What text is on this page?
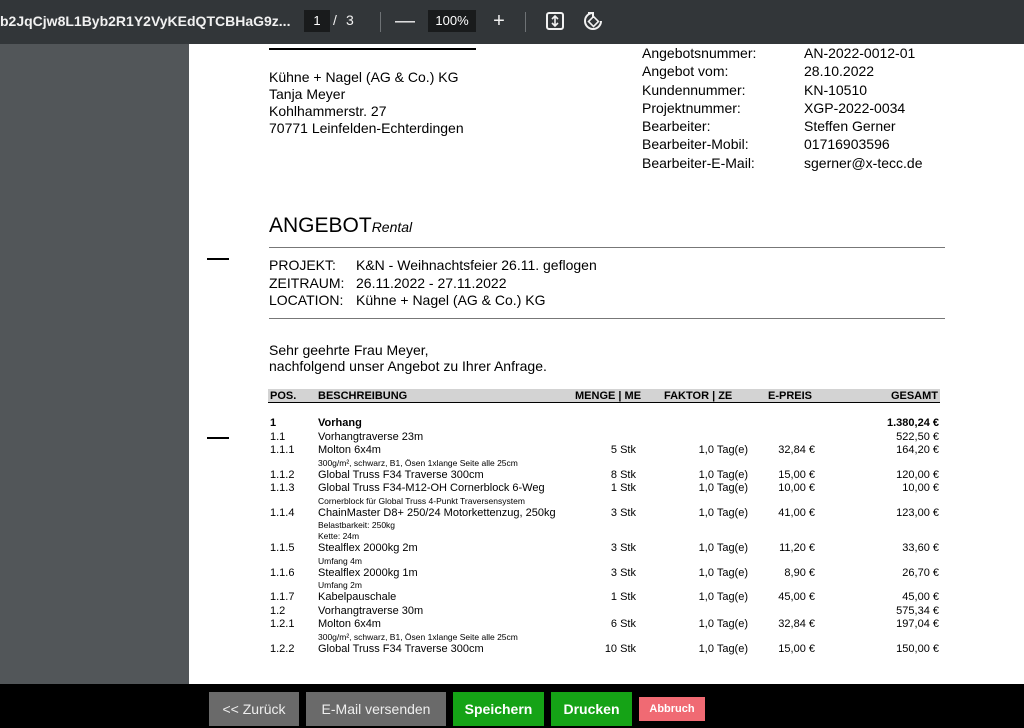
b2JqCjw8L1Byb2R1Y2VyKEdQTCBHaG9z...	1 / 3 —	100%	+
Kühne + Nagel (AG & Co.) KG
Tanja Meyer
Kohlhammerstr. 27
70771 Leinfelden-Echterdingen
Angebotsnummer:	AN-2022-0012-01
Angebot vom:	28.10.2022
Kundennummer:	KN-10510
Projektnummer:	XGP-2022-0034
Bearbeiter:	Steffen Gerner
Bearbeiter-Mobil:	01716903596
Bearbeiter-E-Mail:	sgerner@x-tecc.de
ANGEBOTRental
PROJEKT:	K&N - Weihnachtsfeier 26.11. geflogen
ZEITRAUM: 26.11.2022 - 27.11.2022
LOCATION: Kühne + Nagel (AG & Co.) KG
Sehr geehrte Frau Meyer,
nachfolgend unser Angebot zu Ihrer Anfrage.
POS. BESCHREIBUNG	MENGE | ME FAKTOR | ZE	E-PREIS	GESAMT
1	Vorhang	1.380,24 €
1.1	Vorhangtraverse 23m	522,50 €
1.1.1 Molton 6x4m	5 Stk	1,0 Tag(e)	32,84 €	164,20 €
300g/m², schwarz, B1, Ösen 1xlange Seite alle 25cm
1.1.2 Global Truss F34 Traverse 300cm	8 Stk	1,0 Tag(e)	15,00 €	120,00 €
1.1.3 Global Truss F34-M12-OH Cornerblock 6-Weg	1 Stk	1,0 Tag(e)	10,00 €	10,00 €
Cornerblock für Global Truss 4-Punkt Traversensystem
1.1.4 ChainMaster D8+ 250/24 Motorkettenzug, 250kg	3 Stk	1,0 Tag(e)	41,00 €	123,00 €
Belastbarkeit: 250kg
Kette: 24m
1.1.5 Stealflex 2000kg 2m	3 Stk	1,0 Tag(e)	11,20 €	33,60 €
Umfang 4m
1.1.6 Stealflex 2000kg 1m	3 Stk	1,0 Tag(e)	8,90 €	26,70 €
Umfang 2m
1.1.7 Kabelpauschale	1 Stk	1,0 Tag(e)	45,00 €	45,00 €
1.2	Vorhangtraverse 30m	575,34 €
1.2.1 Molton 6x4m	6 Stk	1,0 Tag(e)	32,84 €	197,04 €
300g/m², schwarz, B1, Ösen 1xlange Seite alle 25cm
1.2.2 Global Truss F34 Traverse 300cm	10 Stk	1,0 Tag(e)	15,00 €	150,00 €
<< Zurück	E-Mail versenden	Speichern	Drucken	Abbruch
